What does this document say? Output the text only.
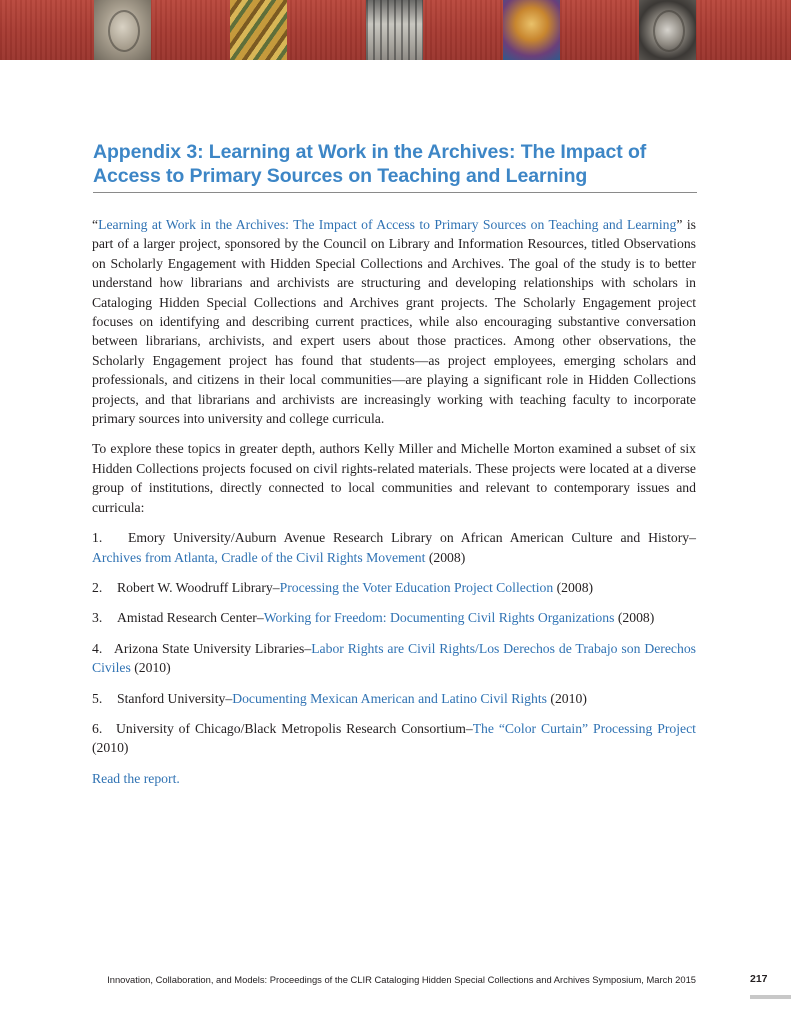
Appendix 3: Learning at Work in the Archives: The Impact of Access to Primary Sources on Teaching and Learning

“Learning at Work in the Archives: The Impact of Access to Primary Sources on Teaching and Learning” is part of a larger project, sponsored by the Council on Library and Information Resources, titled Observations on Scholarly Engagement with Hidden Special Collections and Archives. The goal of the study is to better understand how librarians and archivists are structuring and developing relationships with scholars in Cataloging Hidden Special Collections and Archives grant projects. The Scholarly Engagement project focuses on identifying and describing current practices, while also encouraging substantive conversation between librarians, archivists, and expert users about those practices. Among other observations, the Scholarly Engagement project has found that students—as project employees, emerging scholars and professionals, and citizens in their local communities—are playing a significant role in Hidden Collections projects, and that librarians and archivists are increasingly working with teaching faculty to incorporate primary sources into university and college curricula.

To explore these topics in greater depth, authors Kelly Miller and Michelle Morton examined a subset of six Hidden Collections projects focused on civil rights-related materials. These projects were located at a diverse group of institutions, directly connected to local communities and relevant to contemporary issues and curricula:

1. Emory University/Auburn Avenue Research Library on African American Culture and History–Archives from Atlanta, Cradle of the Civil Rights Movement (2008)
2. Robert W. Woodruff Library–Processing the Voter Education Project Collection (2008)
3. Amistad Research Center–Working for Freedom: Documenting Civil Rights Organizations (2008)
4. Arizona State University Libraries–Labor Rights are Civil Rights/Los Derechos de Trabajo son Derechos Civiles (2010)
5. Stanford University–Documenting Mexican American and Latino Civil Rights (2010)
6. University of Chicago/Black Metropolis Research Consortium–The “Color Curtain” Processing Project (2010)

Read the report.

Innovation, Collaboration, and Models: Proceedings of the CLIR Cataloging Hidden Special Collections and Archives Symposium, March 2015	217
